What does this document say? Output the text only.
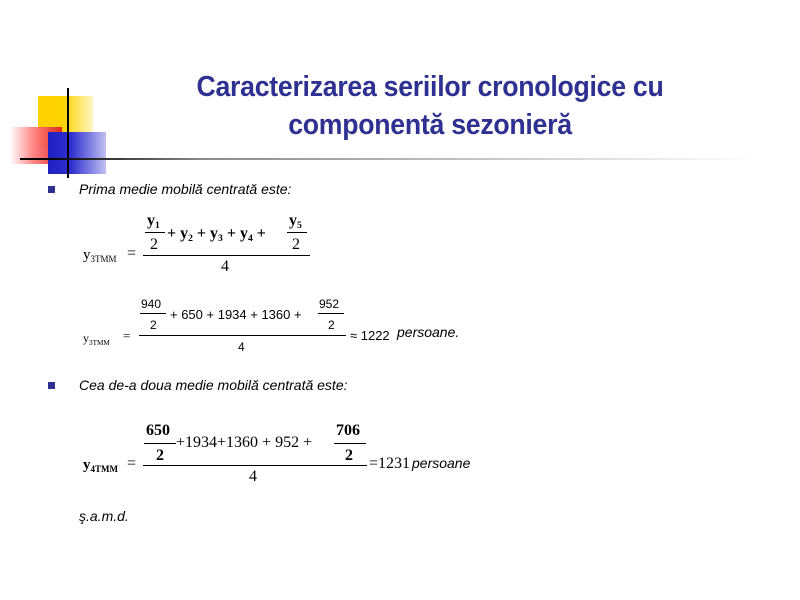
Caracterizarea seriilor cronologice cu
componentă sezonieră
Prima medie mobilă centrată este:
$y_{3TMM}$ =
$y_1$
2
+ $y_2 + y_3 + y_4$ +
$y_5$
2
4
$y_{3TMM}$ =
940
2
+ 650 + 1934 + 1360 +
952
2
4
≈ 1222 persoane.
Cea de-a doua medie mobilă centrată este:
$y_{4TMM}$ =
650
2
+1934+1360 + 952 +
706
2
4
=1231 persoane
ş.a.m.d.
